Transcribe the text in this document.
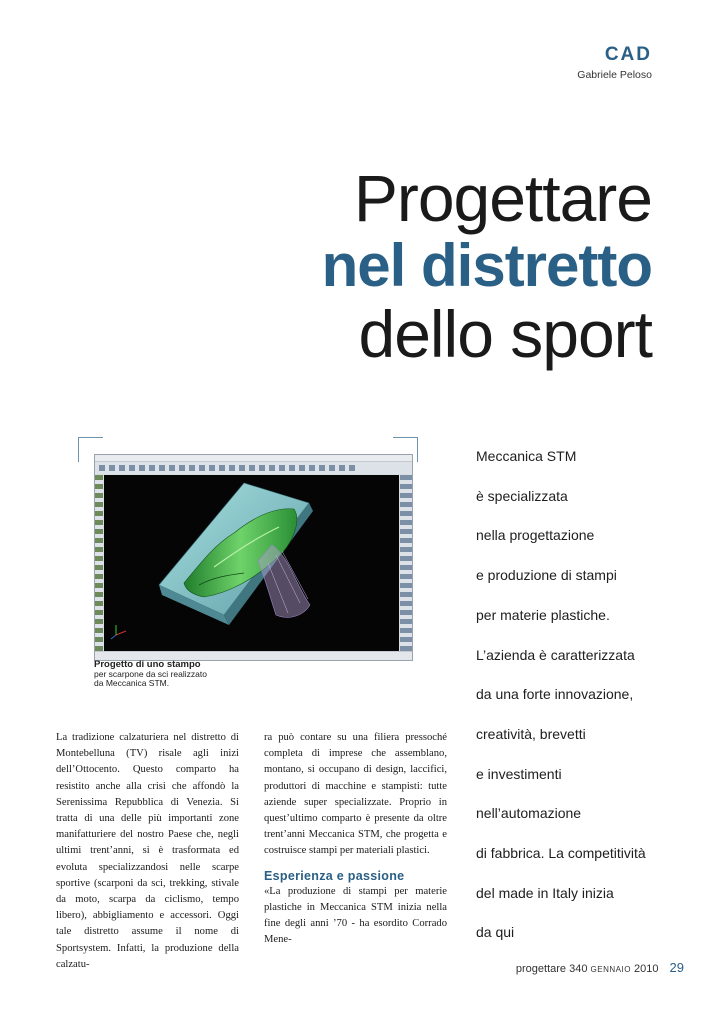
CAD
Gabriele Peloso
Progettare
nel distretto
dello sport
Progetto di uno stampo
per scarpone da sci realizzato
da Meccanica STM.
La tradizione calzaturiera nel distretto di Montebelluna (TV) risale agli inizi dell’Ottocento. Questo comparto ha resistito anche alla crisi che affondò la Serenissima Repubblica di Venezia. Si tratta di una delle più importanti zone manifatturiere del nostro Paese che, negli ultimi trent’anni, si è trasformata ed evoluta specializzandosi nelle scarpe sportive (scarponi da sci, trekking, stivale da moto, scarpa da ciclismo, tempo libero), abbigliamento e accessori. Oggi tale distretto assume il nome di Sportsystem. Infatti, la produzione della calzatu-
ra può contare su una filiera pressoché completa di imprese che assemblano, montano, si occupano di design, laccifici, produttori di macchine e stampisti: tutte aziende super specializzate. Proprio in quest’ultimo comparto è presente da oltre trent’anni Meccanica STM, che progetta e costruisce stampi per materiali plastici.
Esperienza e passione
«La produzione di stampi per materie plastiche in Meccanica STM inizia nella fine degli anni ’70 - ha esordito Corrado Mene-
Meccanica STM
è specializzata
nella progettazione
e produzione di stampi
per materie plastiche.
L’azienda è caratterizzata
da una forte innovazione,
creatività, brevetti
e investimenti
nell’automazione
di fabbrica. La competitività
del made in Italy inizia
da qui
progettare 340 GENNAIO 2010 29
